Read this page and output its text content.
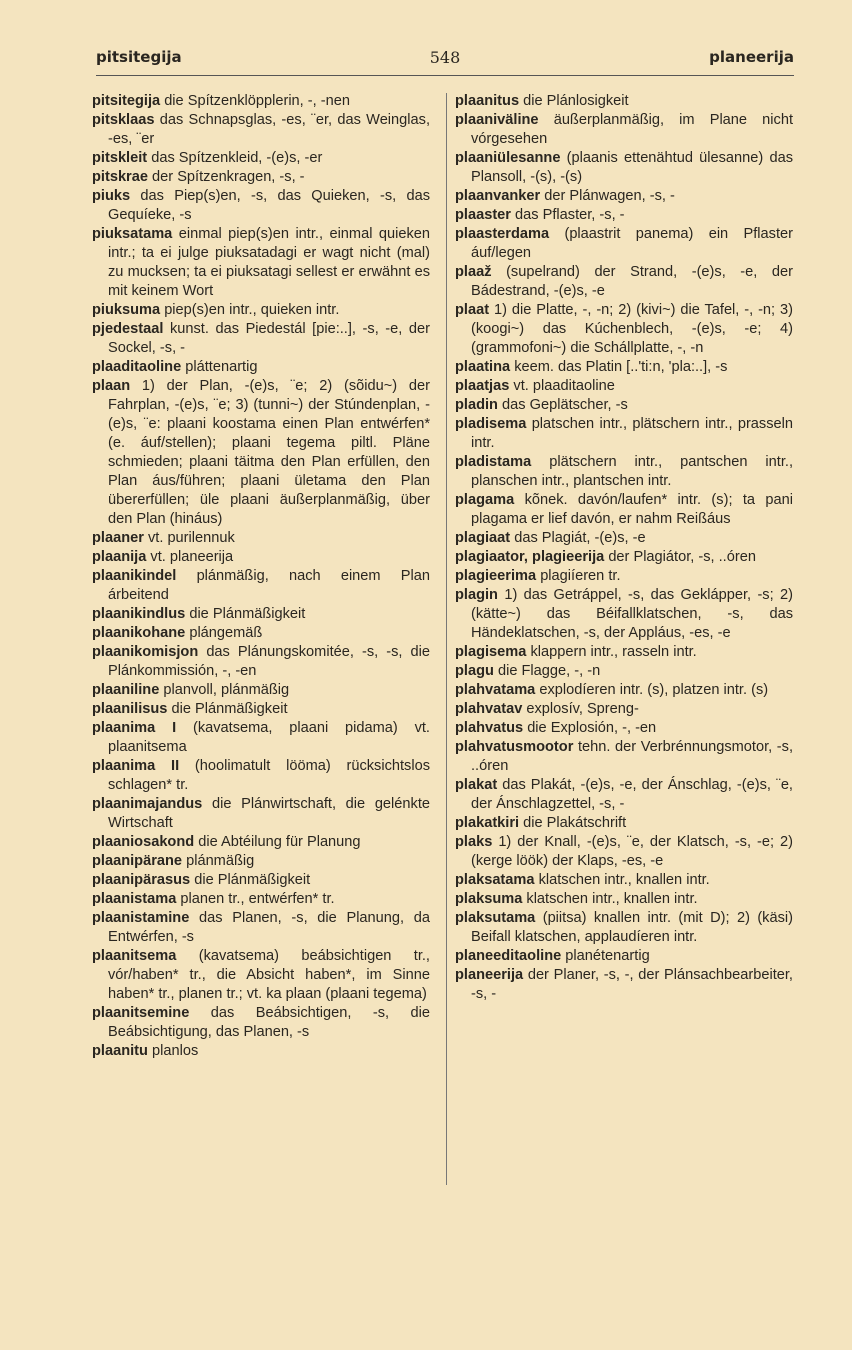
pitsitegija	548	planeerija
pitsitegija die Spítzenklöpplerin, -, -nen
pitsklaas das Schnapsglas, -es, ¨er, das Weinglas, -es, ¨er
pitskleit das Spítzenkleid, -(e)s, -er
pitskrae der Spítzenkragen, -s, -
piuks das Piep(s)en, -s, das Quieken, -s, das Gequíeke, -s
piuksatama einmal piep(s)en intr., einmal quieken intr.; ta ei julge piuksatadagi er wagt nicht (mal) zu mucksen; ta ei piuksatagi sellest er erwähnt es mit keinem Wort
piuksuma piep(s)en intr., quieken intr.
pjedestaal kunst. das Piedestál [pie:..], -s, -e, der Sockel, -s, -
plaaditaoline pláttenartig
plaan 1) der Plan, -(e)s, ¨e; 2) (sõidu~) der Fahrplan, -(e)s, ¨e; 3) (tunni~) der Stúndenplan, -(e)s, ¨e: plaani koostama einen Plan entwérfen* (e. áuf/stellen); plaani tegema piltl. Pläne schmieden; plaani täitma den Plan erfüllen, den Plan áus/führen; plaani ületama den Plan übererfüllen; üle plaani äußerplanmäßig, über den Plan (hináus)
plaaner vt. purilennuk
plaanija vt. planeerija
plaanikindel plánmäßig, nach einem Plan árbeitend
plaanikindlus die Plánmäßigkeit
plaanikohane plángemäß
plaanikomisjon das Plánungskomitée, -s, -s, die Plánkommissión, -, -en
plaaniline planvoll, plánmäßig
plaanilisus die Plánmäßigkeit
plaanima I (kavatsema, plaani pidama) vt. plaanitsema
plaanima II (hoolimatult lööma) rücksichtslos schlagen* tr.
plaanimajandus die Plánwirtschaft, die gelénkte Wirtschaft
plaaniosakond die Abtéilung für Planung
plaanipärane plánmäßig
plaanipärasus die Plánmäßigkeit
plaanistama planen tr., entwérfen* tr.
plaanistamine das Planen, -s, die Planung, da Entwérfen, -s
plaanitsema (kavatsema) beábsichtigen tr., vór/haben* tr., die Absicht haben*, im Sinne haben* tr., planen tr.; vt. ka plaan (plaani tegema)
plaanitsemine das Beábsichtigen, -s, die Beábsichtigung, das Planen, -s
plaanitu planlos
plaanitus die Plánlosigkeit
plaaniväline äußerplanmäßig, im Plane nicht vórgesehen
plaaniülesanne (plaanis ettenähtud ülesanne) das Plansoll, -(s), -(s)
plaanvanker der Plánwagen, -s, -
plaaster das Pflaster, -s, -
plaasterdama (plaastrit panema) ein Pflaster áuf/legen
plaaž (supelrand) der Strand, -(e)s, -e, der Bádestrand, -(e)s, -e
plaat 1) die Platte, -, -n; 2) (kivi~) die Tafel, -, -n; 3) (koogi~) das Kúchenblech, -(e)s, -e; 4) (grammofoni~) die Schállplatte, -, -n
plaatina keem. das Platin [..'ti:n, 'pla:..], -s
plaatjas vt. plaaditaoline
pladin das Geplätscher, -s
pladisema platschen intr., plätschern intr., prasseln intr.
pladistama plätschern intr., pantschen intr., planschen intr., plantschen intr.
plagama kõnek. davón/laufen* intr. (s); ta pani plagama er lief davón, er nahm Reißáus
plagiaat das Plagiát, -(e)s, -e
plagiaator, plagieerija der Plagiátor, -s, ..óren
plagieerima plagiíeren tr.
plagin 1) das Getráppel, -s, das Geklápper, -s; 2) (kätte~) das Béifallklatschen, -s, das Händeklatschen, -s, der Appláus, -es, -e
plagisema klappern intr., rasseln intr.
plagu die Flagge, -, -n
plahvatama explodíeren intr. (s), platzen intr. (s)
plahvatav explosív, Spreng-
plahvatus die Explosión, -, -en
plahvatusmootor tehn. der Verbrénnungsmotor, -s, ..óren
plakat das Plakát, -(e)s, -e, der Ánschlag, -(e)s, ¨e, der Ánschlagzettel, -s, -
plakatkiri die Plakátschrift
plaks 1) der Knall, -(e)s, ¨e, der Klatsch, -s, -e; 2) (kerge löök) der Klaps, -es, -e
plaksatama klatschen intr., knallen intr.
plaksuma klatschen intr., knallen intr.
plaksutama (piitsa) knallen intr. (mit D); 2) (käsi) Beifall klatschen, applaudíeren intr.
planeeditaoline planétenartig
planeerija der Planer, -s, -, der Plánsachbearbeiter, -s, -
